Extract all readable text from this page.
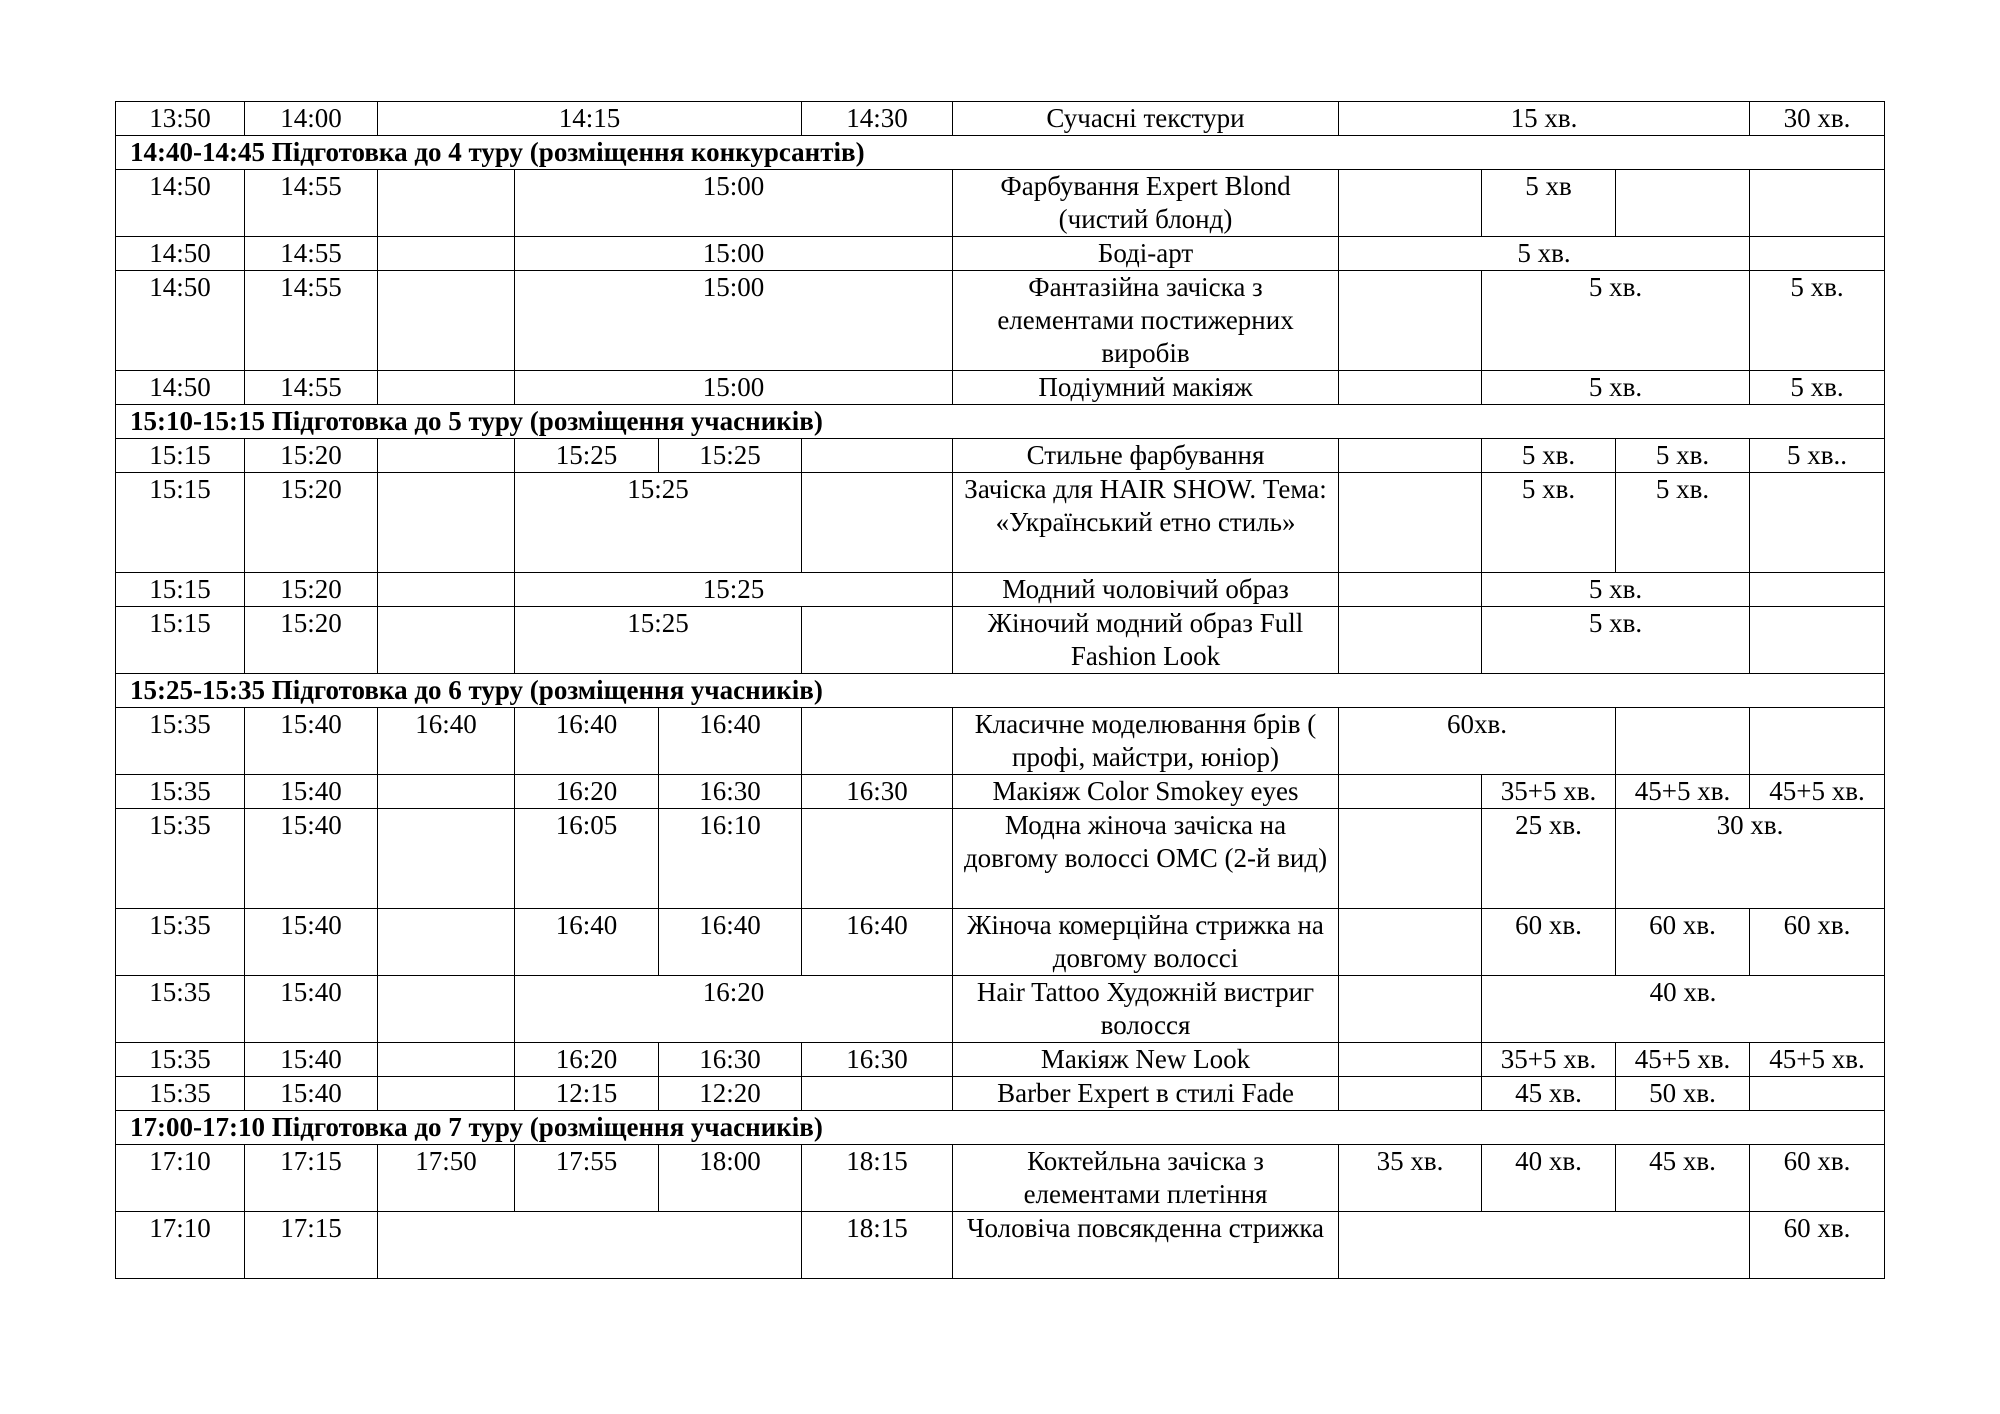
13:50	14:00	14:15			14:30	Сучасні текстури	15 хв.			30 хв.
14:40-14:45 Підготовка до 4 туру (розміщення конкурсантів)										
14:50	14:55		15:00			Фарбування Expert Blond (чистий блонд)		5 хв		
14:50	14:55		15:00			Боді-арт	5 хв.			
14:50	14:55		15:00			Фантазійна зачіска з елементами постижерних виробів		5 хв.		5 хв.
14:50	14:55		15:00			Подіумний макіяж		5 хв.		5 хв.
15:10-15:15 Підготовка до 5 туру (розміщення учасників)										
15:15	15:20		15:25	15:25		Стильне фарбування		5 хв.	5 хв.	5 хв..
15:15	15:20		15:25			Зачіска для HAIR SHOW. Тема: «Український етно стиль»		5 хв.	5 хв.	
15:15	15:20		15:25			Модний чоловічий образ		5 хв.		
15:15	15:20		15:25			Жіночий модний образ Full Fashion Look		5 хв.		
15:25-15:35 Підготовка до 6 туру (розміщення учасників)										
15:35	15:40	16:40	16:40	16:40		Класичне моделювання брів ( профі, майстри, юніор)	60хв.			
15:35	15:40		16:20	16:30	16:30	Макіяж Color Smokey eyes		35+5 хв.	45+5 хв.	45+5 хв.
15:35	15:40		16:05	16:10		Модна жіноча зачіска на довгому волоссі ОМС (2-й вид)		25 хв.	30 хв.	
15:35	15:40		16:40	16:40	16:40	Жіноча комерційна стрижка на довгому волоссі		60 хв.	60 хв.	60 хв.
15:35	15:40		16:20			Hair Tattoo Художній вистриг волосся		40 хв.		
15:35	15:40		16:20	16:30	16:30	Макіяж New Look		35+5 хв.	45+5 хв.	45+5 хв.
15:35	15:40		12:15	12:20		Barber Expert в стилі Fade		45 хв.	50 хв.	
17:00-17:10 Підготовка до 7 туру (розміщення учасників)										
17:10	17:15	17:50	17:55	18:00	18:15	Коктейльна зачіска з елементами плетіння	35 хв.	40 хв.	45 хв.	60 хв.
17:10	17:15				18:15	Чоловіча повсякденна стрижка				60 хв.
